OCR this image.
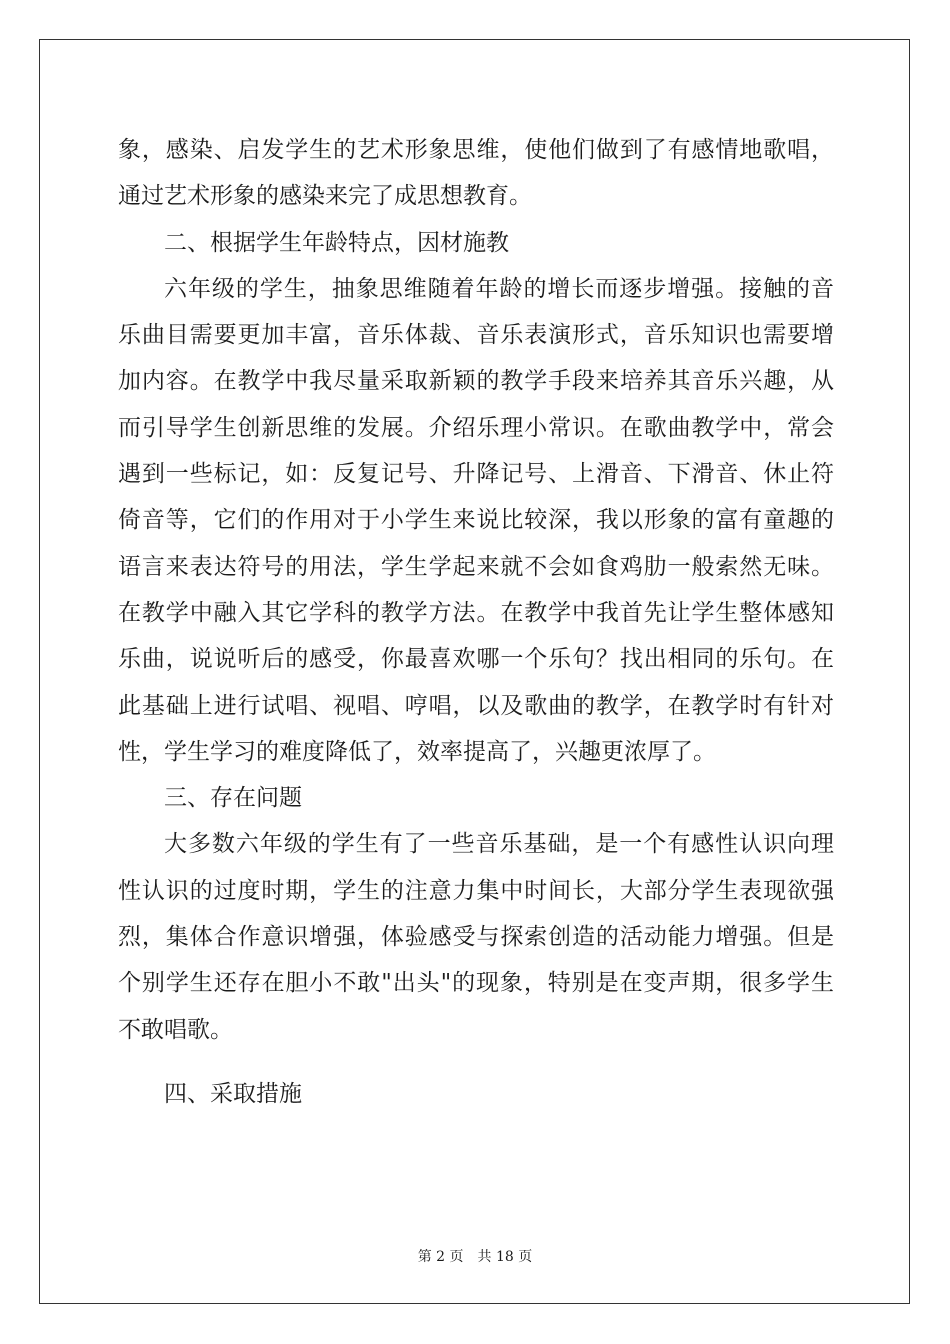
象，感染、启发学生的艺术形象思维，使他们做到了有感情地歌唱，
通过艺术形象的感染来完了成思想教育。
二、根据学生年龄特点，因材施教
六年级的学生，抽象思维随着年龄的增长而逐步增强。接触的音
乐曲目需要更加丰富，音乐体裁、音乐表演形式，音乐知识也需要增
加内容。在教学中我尽量采取新颖的教学手段来培养其音乐兴趣，从
而引导学生创新思维的发展。介绍乐理小常识。在歌曲教学中，常会
遇到一些标记，如：反复记号、升降记号、上滑音、下滑音、休止符
倚音等，它们的作用对于小学生来说比较深，我以形象的富有童趣的
语言来表达符号的用法，学生学起来就不会如食鸡肋一般索然无味。
在教学中融入其它学科的教学方法。在教学中我首先让学生整体感知
乐曲，说说听后的感受，你最喜欢哪一个乐句？找出相同的乐句。在
此基础上进行试唱、视唱、哼唱，以及歌曲的教学，在教学时有针对
性，学生学习的难度降低了，效率提高了，兴趣更浓厚了。
三、存在问题
大多数六年级的学生有了一些音乐基础，是一个有感性认识向理
性认识的过度时期，学生的注意力集中时间长，大部分学生表现欲强
烈，集体合作意识增强，体验感受与探索创造的活动能力增强。但是
个别学生还存在胆小不敢"出头"的现象，特别是在变声期，很多学生
不敢唱歌。
四、采取措施
第 2 页 共 18 页
